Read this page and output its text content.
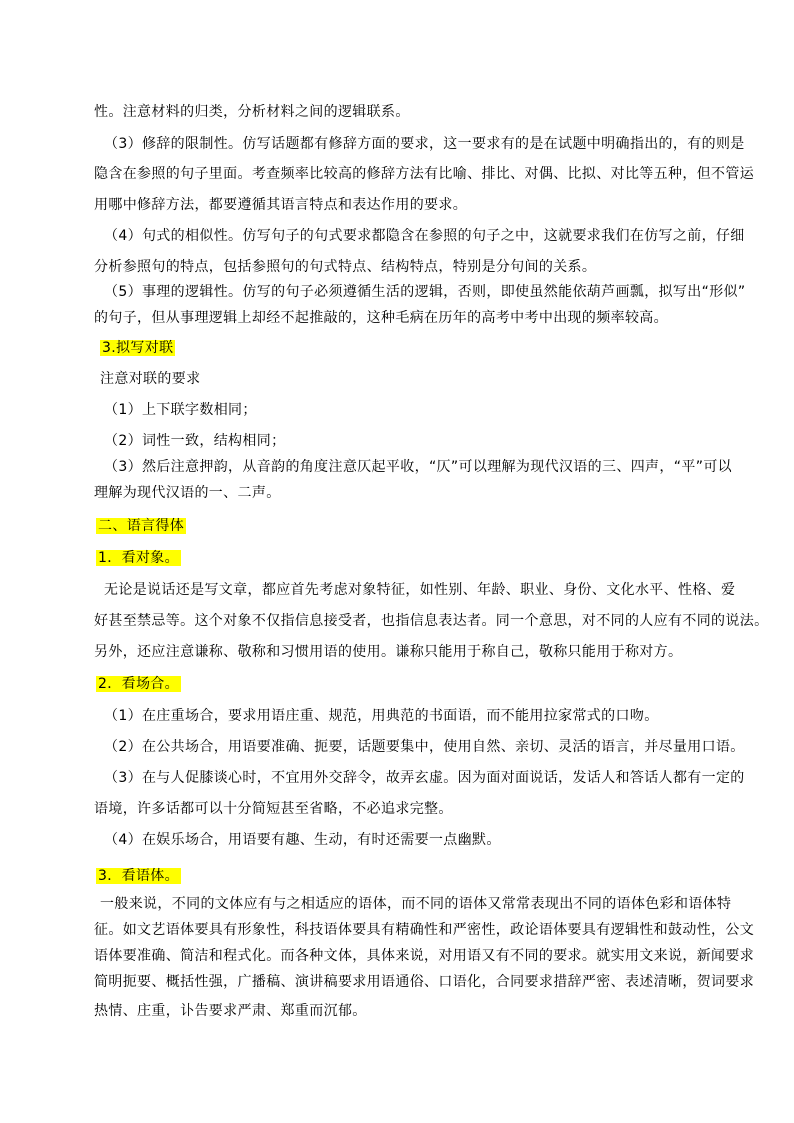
性。注意材料的归类，分析材料之间的逻辑联系。
（3）修辞的限制性。仿写话题都有修辞方面的要求，这一要求有的是在试题中明确指出的，有的则是
隐含在参照的句子里面。考查频率比较高的修辞方法有比喻、排比、对偶、比拟、对比等五种，但不管运
用哪中修辞方法，都要遵循其语言特点和表达作用的要求。
（4）句式的相似性。仿写句子的句式要求都隐含在参照的句子之中，这就要求我们在仿写之前，仔细
分析参照句的特点，包括参照句的句式特点、结构特点，特别是分句间的关系。
（5）事理的逻辑性。仿写的句子必须遵循生活的逻辑，否则，即使虽然能依葫芦画瓢，拟写出“形似”
的句子，但从事理逻辑上却经不起推敲的，这种毛病在历年的高考中考中出现的频率较高。
3.拟写对联
注意对联的要求
（1）上下联字数相同；
（2）词性一致，结构相同；
（3）然后注意押韵，从音韵的角度注意仄起平收，“仄”可以理解为现代汉语的三、四声，“平”可以
理解为现代汉语的一、二声。
二、语言得体
1．看对象。
无论是说话还是写文章，都应首先考虑对象特征，如性别、年龄、职业、身份、文化水平、性格、爱
好甚至禁忌等。这个对象不仅指信息接受者，也指信息表达者。同一个意思，对不同的人应有不同的说法。
另外，还应注意谦称、敬称和习惯用语的使用。谦称只能用于称自己，敬称只能用于称对方。
2．看场合。
（1）在庄重场合，要求用语庄重、规范，用典范的书面语，而不能用拉家常式的口吻。
（2）在公共场合，用语要准确、扼要，话题要集中，使用自然、亲切、灵活的语言，并尽量用口语。
（3）在与人促膝谈心时，不宜用外交辞令，故弄玄虚。因为面对面说话，发话人和答话人都有一定的
语境，许多话都可以十分简短甚至省略，不必追求完整。
（4）在娱乐场合，用语要有趣、生动，有时还需要一点幽默。
3．看语体。
一般来说，不同的文体应有与之相适应的语体，而不同的语体又常常表现出不同的语体色彩和语体特
征。如文艺语体要具有形象性，科技语体要具有精确性和严密性，政论语体要具有逻辑性和鼓动性，公文
语体要准确、简洁和程式化。而各种文体，具体来说，对用语又有不同的要求。就实用文来说，新闻要求
简明扼要、概括性强，广播稿、演讲稿要求用语通俗、口语化，合同要求措辞严密、表述清晰，贺词要求
热情、庄重，讣告要求严肃、郑重而沉郁。
